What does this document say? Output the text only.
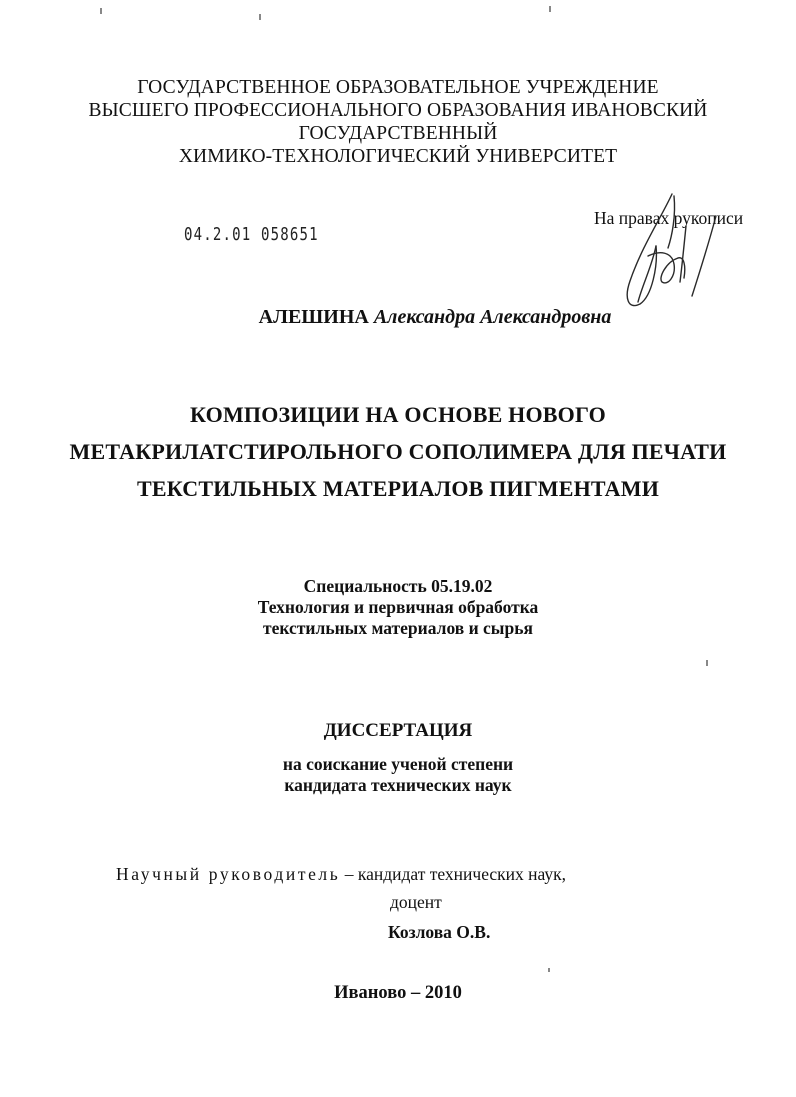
ГОСУДАРСТВЕННОЕ ОБРАЗОВАТЕЛЬНОЕ УЧРЕЖДЕНИЕ
ВЫСШЕГО ПРОФЕССИОНАЛЬНОГО ОБРАЗОВАНИЯ ИВАНОВСКИЙ
ГОСУДАРСТВЕННЫЙ
ХИМИКО-ТЕХНОЛОГИЧЕСКИЙ УНИВЕРСИТЕТ
04.2.01 058651
На правах рукописи
АЛЕШИНА Александра Александровна
КОМПОЗИЦИИ НА ОСНОВЕ НОВОГО
МЕТАКРИЛАТСТИРОЛЬНОГО СОПОЛИМЕРА ДЛЯ ПЕЧАТИ
ТЕКСТИЛЬНЫХ МАТЕРИАЛОВ ПИГМЕНТАМИ
Специальность 05.19.02
Технология и первичная обработка
текстильных материалов и сырья
ДИССЕРТАЦИЯ
на соискание ученой степени
кандидата технических наук
Научный руководитель – кандидат технических наук,
доцент
Козлова О.В.
Иваново – 2010
